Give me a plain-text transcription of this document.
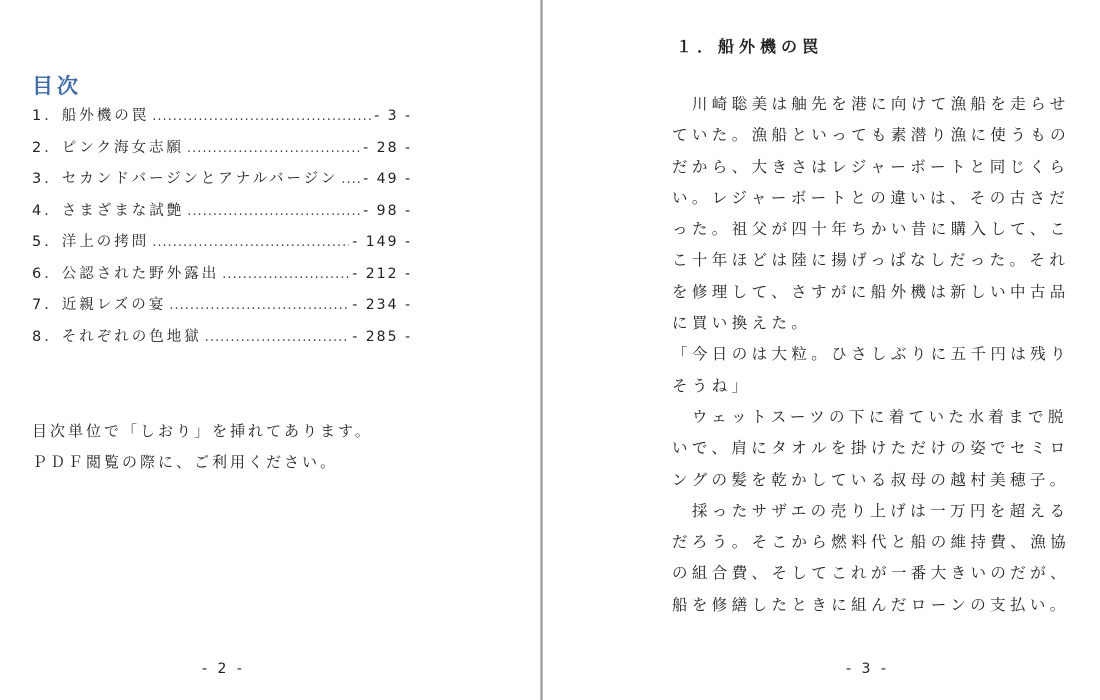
目次
1． 船外機の罠 .....	- 3 -
2． ピンク海女志願 .....	- 28 -
3． セカンドバージンとアナルバージン ..... - 49 -
4． さまざまな試艶 .....	- 98 -
5． 洋上の拷問 .....	- 149 -
6． 公認された野外露出 .....	- 212 -
7． 近親レズの宴 .....	- 234 -
8． それぞれの色地獄 .....	- 285 -
目次単位で「しおり」を挿れてあります。
ＰＤＦ閲覧の際に、ご利用ください。
- 2 -
１．船外機の罠
　川崎聡美は舳先を港に向けて漁船を走らせ
ていた。漁船といっても素潜り漁に使うもの
だから、大きさはレジャーボートと同じくら
い。レジャーボートとの違いは、その古さだ
った。祖父が四十年ちかい昔に購入して、こ
こ十年ほどは陸に揚げっぱなしだった。それ
を修理して、さすがに船外機は新しい中古品
に買い換えた。
「今日のは大粒。ひさしぶりに五千円は残り
そうね」
　ウェットスーツの下に着ていた水着まで脱
いで、肩にタオルを掛けただけの姿でセミロ
ングの髪を乾かしている叔母の越村美穂子。
　採ったサザエの売り上げは一万円を超える
だろう。そこから燃料代と船の維持費、漁協
の組合費、そしてこれが一番大きいのだが、
船を修繕したときに組んだローンの支払い。
- 3 -
